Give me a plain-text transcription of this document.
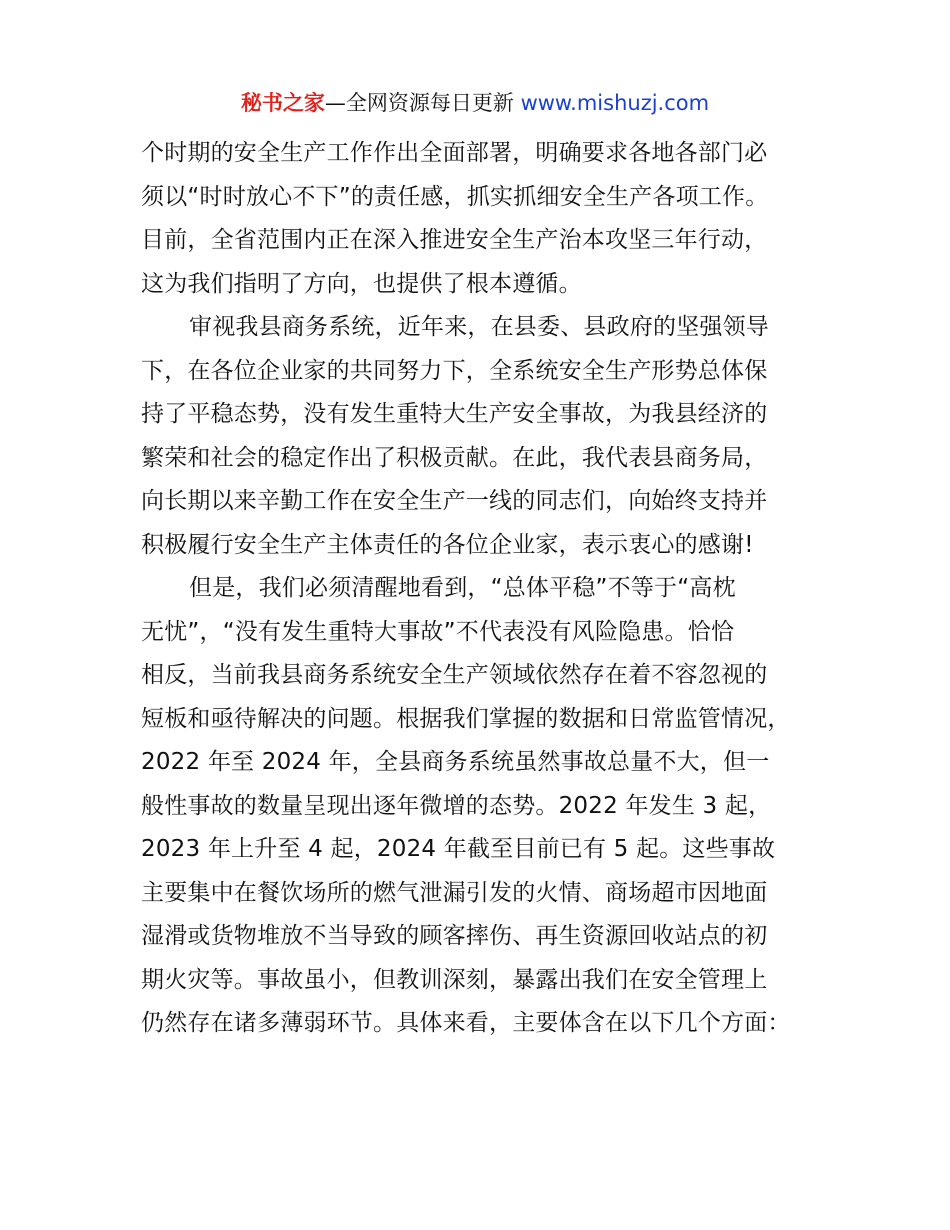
秘书之家—全网资源每日更新 www.mishuzj.com
个时期的安全生产工作作出全面部署，明确要求各地各部门必
须以“时时放心不下”的责任感，抓实抓细安全生产各项工作。
目前，全省范围内正在深入推进安全生产治本攻坚三年行动，
这为我们指明了方向，也提供了根本遵循。
审视我县商务系统，近年来，在县委、县政府的坚强领导
下，在各位企业家的共同努力下，全系统安全生产形势总体保
持了平稳态势，没有发生重特大生产安全事故，为我县经济的
繁荣和社会的稳定作出了积极贡献。在此，我代表县商务局，
向长期以来辛勤工作在安全生产一线的同志们，向始终支持并
积极履行安全生产主体责任的各位企业家，表示衷心的感谢!
但是，我们必须清醒地看到，“总体平稳”不等于“高枕
无忧”，“没有发生重特大事故”不代表没有风险隐患。恰恰
相反，当前我县商务系统安全生产领域依然存在着不容忽视的
短板和亟待解决的问题。根据我们掌握的数据和日常监管情况，
2022 年至 2024 年，全县商务系统虽然事故总量不大，但一
般性事故的数量呈现出逐年微增的态势。2022 年发生 3 起，
2023 年上升至 4 起，2024 年截至目前已有 5 起。这些事故
主要集中在餐饮场所的燃气泄漏引发的火情、商场超市因地面
湿滑或货物堆放不当导致的顾客摔伤、再生资源回收站点的初
期火灾等。事故虽小，但教训深刻，暴露出我们在安全管理上
仍然存在诸多薄弱环节。具体来看，主要体含在以下几个方面：
